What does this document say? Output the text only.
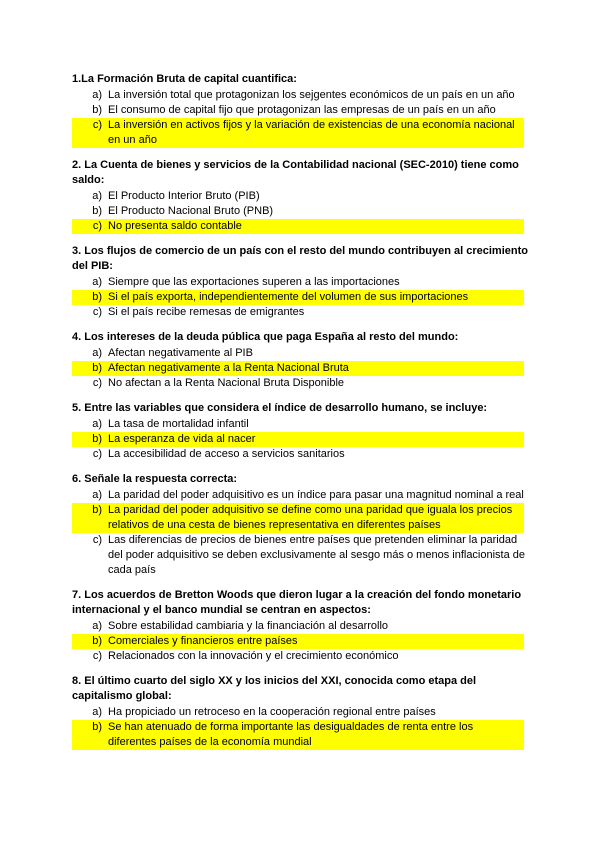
1.La Formación Bruta de capital cuantifica:
a) La inversión total que protagonizan los sejgentes económicos de un país en un año
b) El consumo de capital fijo que protagonizan las empresas de un país en un año
c) La inversión en activos fijos y la variación de existencias de una economía nacional en un año
2. La Cuenta de bienes y servicios de la Contabilidad nacional (SEC-2010) tiene como saldo:
a) El Producto Interior Bruto (PIB)
b) El Producto Nacional Bruto (PNB)
c) No presenta saldo contable
3. Los flujos de comercio de un país con el resto del mundo contribuyen al crecimiento del PIB:
a) Siempre que las exportaciones superen a las importaciones
b) Si el país exporta, independientemente del volumen de sus importaciones
c) Si el país recibe remesas de emigrantes
4. Los intereses de la deuda pública que paga España al resto del mundo:
a) Afectan negativamente al PIB
b) Afectan negativamente a la Renta Nacional Bruta
c) No afectan a la Renta Nacional Bruta Disponible
5. Entre las variables que considera el índice de desarrollo humano, se incluye:
a) La tasa de mortalidad infantil
b) La esperanza de vida al nacer
c) La accesibilidad de acceso a servicios sanitarios
6. Señale la respuesta correcta:
a) La paridad del poder adquisitivo es un índice para pasar una magnitud nominal a real
b) La paridad del poder adquisitivo se define como una paridad que iguala los precios relativos de una cesta de bienes representativa en diferentes países
c) Las diferencias de precios de bienes entre países que pretenden eliminar la paridad del poder adquisitivo se deben exclusivamente al sesgo más o menos inflacionista de cada país
7. Los acuerdos de Bretton Woods que dieron lugar a la creación del fondo monetario internacional y el banco mundial se centran en aspectos:
a) Sobre estabilidad cambiaria y la financiación al desarrollo
b) Comerciales y financieros entre países
c) Relacionados con la innovación y el crecimiento económico
8. El último cuarto del siglo XX y los inicios del XXI, conocida como etapa del capitalismo global:
a) Ha propiciado un retroceso en la cooperación regional entre países
b) Se han atenuado de forma importante las desigualdades de renta entre los diferentes países de la economía mundial
